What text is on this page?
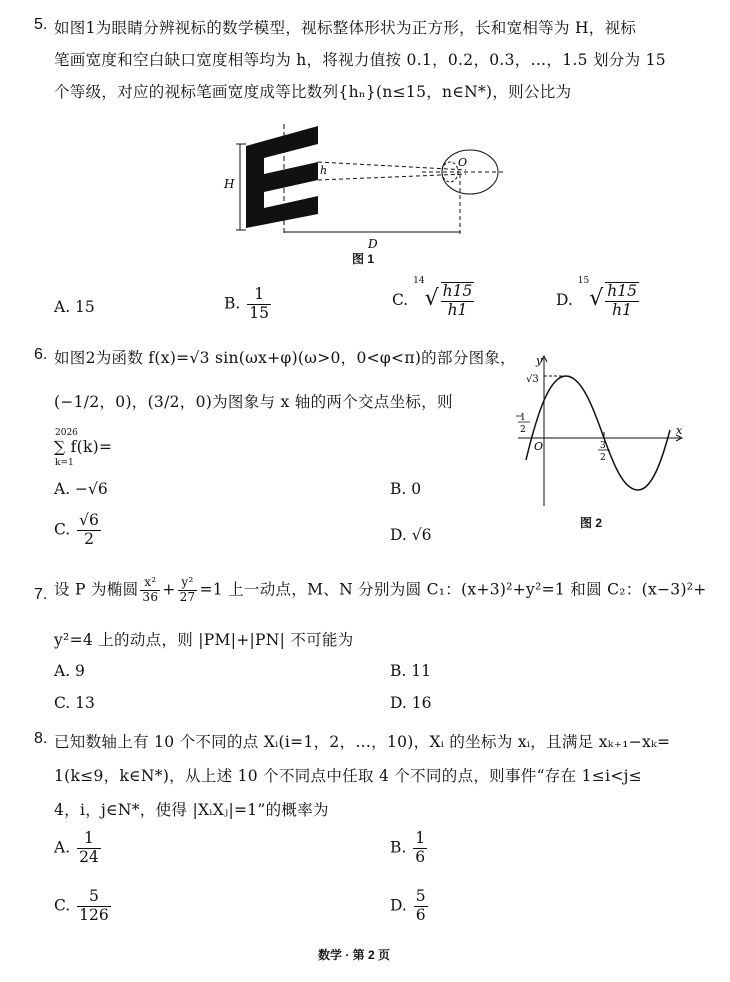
5. 如图1为眼睛分辨视标的数学模型，视标整体形状为正方形，长和宽相等为 H，视标
笔画宽度和空白缺口宽度相等均为 h，将视力值按 0.1，0.2，0.3，…，1.5 划分为 15
个等级，对应的视标笔画宽度成等比数列{hₙ}(n≤15，n∈N*)，则公比为
H
h
O
D
图 1
A. 15	B. $\frac{1}{15}$	C. $^{14}√ \frac{h15}{h1}$	D. $^{15}√ \frac{h15}{h1}$
6. 如图2为函数 f(x)=√3 sin(ωx+φ)(ω>0，0<φ<π)的部分图象，
(−1/2，0)，(3/2，0)为图象与 x 轴的两个交点坐标，则
2026
∑ f(k)=
k=1
A. −√6	B. 0
C. $\frac{√6}{2}$	D. √6
x
y
O
√3
1
2
3
2
图 2
7. 设 P 为椭圆 $\frac{\text{x²}}{36} + \frac{\text{y²}}{27} =1$ 上一动点，M、N 分别为圆 C₁：(x+3)²+y²=1 和圆 C₂：(x−3)²+
y²=4 上的动点，则 |PM|+|PN| 不可能为
A. 9	B. 11
C. 13	D. 16
8. 已知数轴上有 10 个不同的点 Xᵢ(i=1，2，…，10)，Xᵢ 的坐标为 xᵢ，且满足 xₖ₊₁−xₖ=
1(k≤9，k∈N*)，从上述 10 个不同点中任取 4 个不同的点，则事件“存在 1≤i<j≤
4，i，j∈N*，使得 |XᵢXⱼ|=1”的概率为
A. $\frac{1}{24}$	B. $\frac{1}{6}$
C. $\frac{5}{126}$	D. $\frac{5}{6}$
数学 · 第 2 页
